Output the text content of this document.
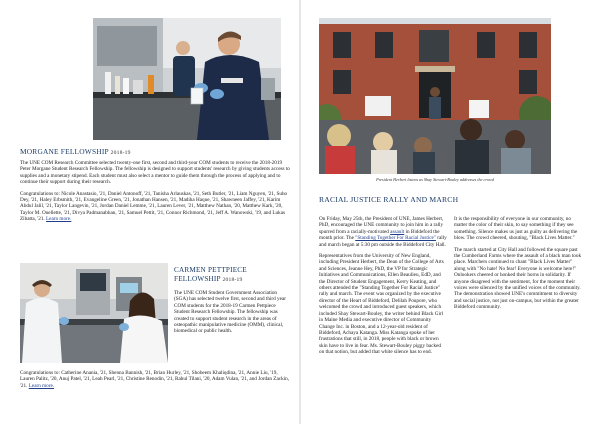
MORGANE FELLOWSHIP 2018-19

The UNE COM Research Committee selected twenty-one first, second and third-year COM students to receive the 2018-2019 Peter Morgane Student Research Fellowship. The fellowship is designed to support students' research by giving students access to supplies and a monetary stipend. Each student must also select a mentor to guide them through the process of applying and to continue their support during their research.

Congratulations to: Nicole Anastasio, '21, Daniel Antonoff, '21, Tanisha Arlauskas, '21, Seth Butler, '21, Liam Nguyen, '21, Suho Dey, '21, Haley Erbsmith, '21, Evangeline Green, '21, Jonathan Hansen, '21, Madiha Haque, '21, Shawneen Jaffey, '21, Karim Abdul Jalil, '21, Taylor Langevin, '21, Jordan Daniel Lemme, '21, Lauren Lever, '21, Matthew Nathan, '20, Matthew Kark, '20, Taylor M. Ouellette, '21, Divya Padmanabhan, '21, Samuel Pettit, '21, Connor Richmond, '21, Jeff A. Wanowski, '19, and Lukas Zibatta, '21. Learn more.

CARMEN PETTPIECE
FELLOWSHIP 2018-19

The UNE COM Student Government Association (SGA) has selected twelve first, second and third year COM students for the 2018-19 Carmen Pettpiece Student Research Fellowship. The fellowship was created to support student research in the areas of osteopathic manipulative medicine (OMM), clinical, biomedical or public health.

Congratulations to: Catherine Anania, '21, Shenna Bannish, '21, Brian Hurley, '21, Shoheem Khaliqdina, '21, Annie Liu, '19, Lauren Palitz, '20, Anuj Patel, '21, Leah Pearl, '21, Christine Renodin, '21, Rahul Tilani, '20, Adam Vulan, '21, and Jordan Zackin, '21. Learn more.

President Herbert listens as Shay Stewart-Bouley addresses the crowd
RACIAL JUSTICE RALLY AND MARCH

On Friday, May 25th, the President of UNE, James Herbert, PhD, encouraged the UNE community to join him in a rally spurred from a racially-motivated assault in Biddeford the month prior. The "Standing Together For Racial Justice" rally and march began at 5:30 pm outside the Biddeford City Hall.

Representatives from the University of New England, including President Herbert, the Dean of the College of Arts and Sciences, Jeanne Hey, PhD, the VP for Strategic Initiatives and Communications, Ellen Beaulieu, EdD, and the Director of Student Engagement, Kerry Keating, and others attended the "Standing Together For Racial Justice" rally and march. The event was organized by the executive director of the Heart of Biddeford, Delilah Poupore, who welcomed the crowd and introduced guest speakers, which included Shay Stewart-Bouley, the writer behind Black Girl in Maine Media and executive director of Community Change Inc. in Boston, and a 12-year-old resident of Biddeford, Achaya Katanga. Miss Katanga spoke of her frustrations that still, in 2018, people with black or brown skin have to live in fear. Ms. Stewart-Bouley piggy backed on that notion, but added that white silence has to end.

It is the responsibility of everyone in our community, no matter the color of their skin, to say something if they see something. Silence makes us just as guilty as delivering the blow. The crowd cheered, shouting, "Black Lives Matter."

The march started at City Hall and followed the square past the Cumberland Farms where the assault of a black man took place. Marchers continued to chant "Black Lives Matter" along with "No hate! No fear! Everyone is welcome here!" Onlookers cheered or honked their horns in solidarity. If anyone disagreed with the sentiment, for the moment their voices were silenced by the unified voices of the community. The demonstration showed UNE's commitment to diversity and social justice, not just on-campus, but within the greater Biddeford community.
